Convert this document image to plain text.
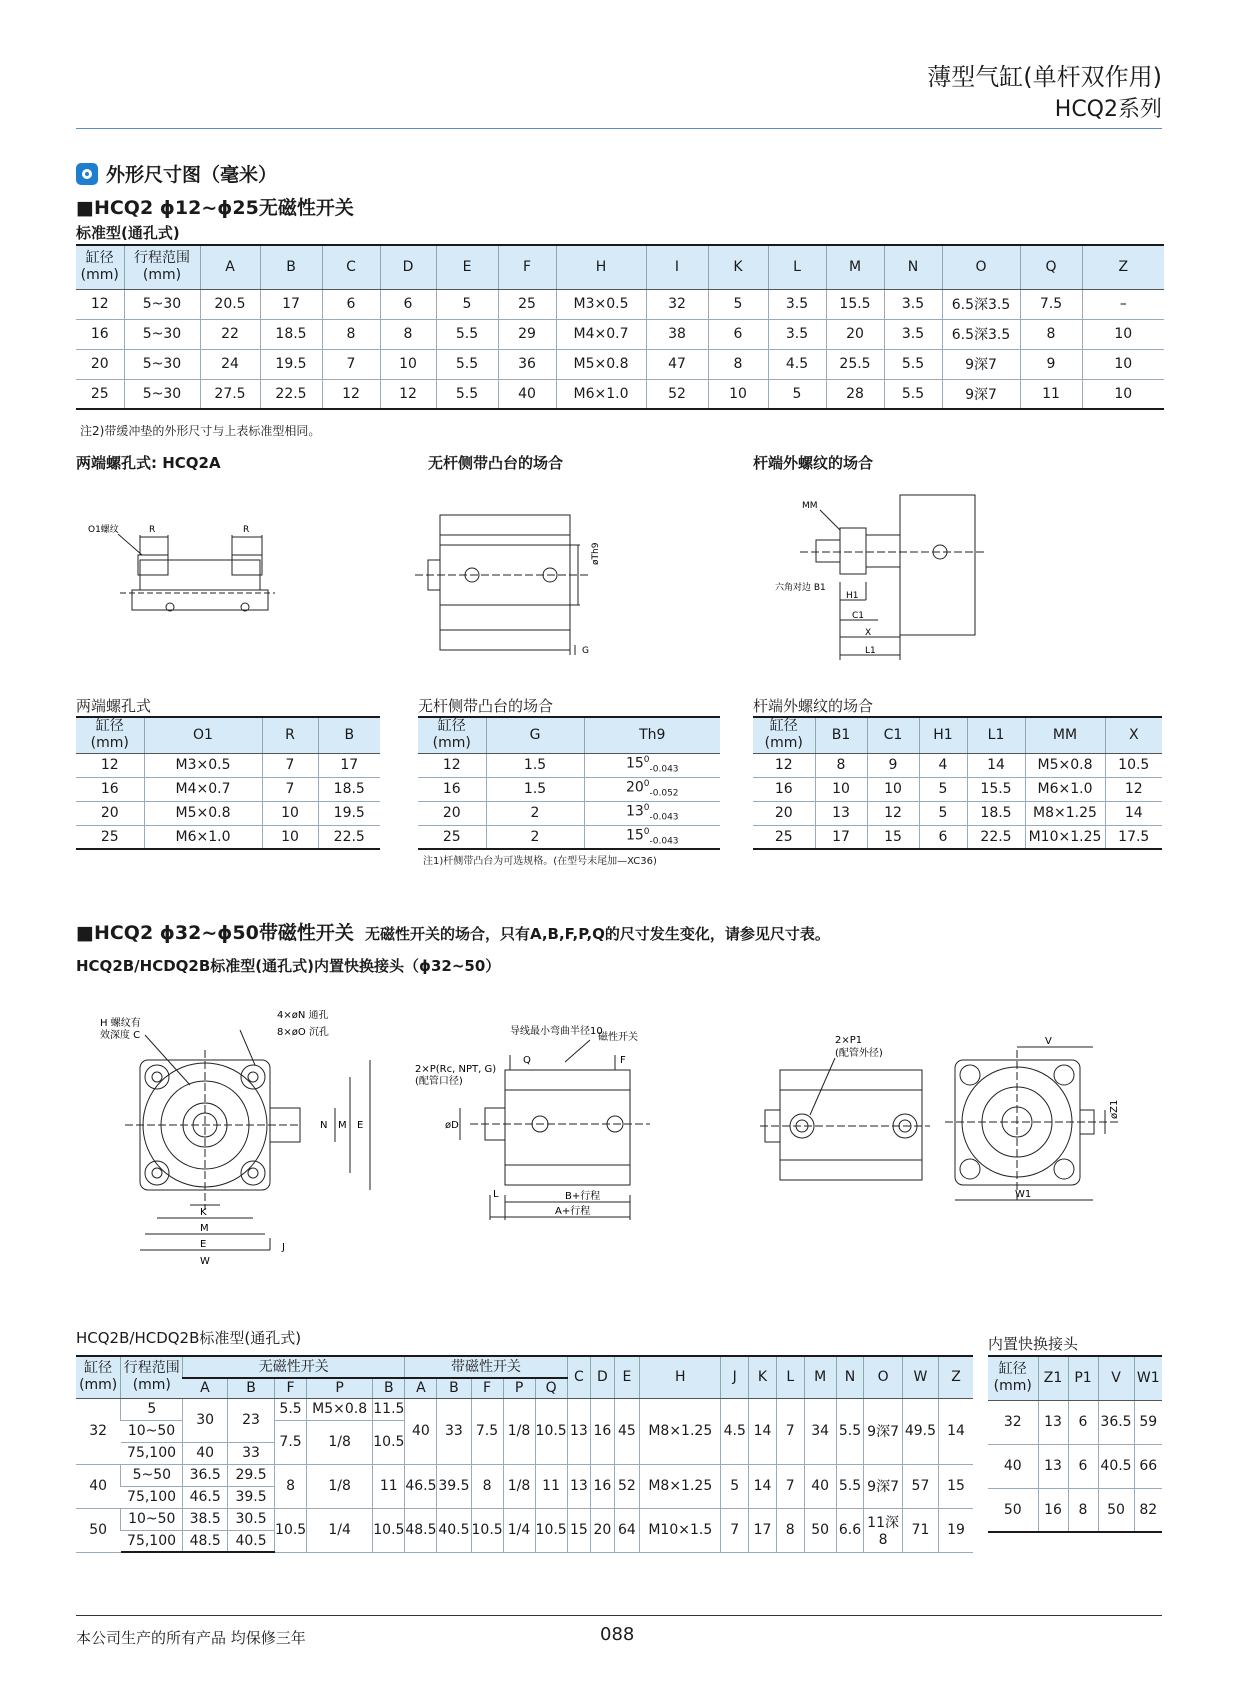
薄型气缸(单杆双作用)
HCQ2系列
外形尺寸图（毫米）
■HCQ2 ϕ12~ϕ25无磁性开关
标准型(通孔式)
缸径
(mm)	行程范围
(mm)	A	B	C	D	E	F	H	I	K	L	M	N	O	Q	Z
12	5~30	20.5	17	6	6	5	25	M3×0.5	32	5	3.5	15.5	3.5	6.5深3.5	7.5	–
16	5~30	22	18.5	8	8	5.5	29	M4×0.7	38	6	3.5	20	3.5	6.5深3.5	8	10
20	5~30	24	19.5	7	10	5.5	36	M5×0.8	47	8	4.5	25.5	5.5	9深7	9	10
25	5~30	27.5	22.5	12	12	5.5	40	M6×1.0	52	10	5	28	5.5	9深7	11	10
注2)带缓冲垫的外形尺寸与上表标准型相同。
两端螺孔式: HCQ2A	无杆侧带凸台的场合	杆端外螺纹的场合
O1螺纹	R	R
øTh9
G
MM
六角对边 B1
H1
C1
X
L1
两端螺孔式	无杆侧带凸台的场合	杆端外螺纹的场合
缸径
(mm)	O1	R	B
12	M3×0.5	7	17
16	M4×0.7	7	18.5
20	M5×0.8	10	19.5
25	M6×1.0	10	22.5
缸径
(mm)	G	Th9
12	1.5	$15^0_{-0.043}$
16	1.5	$20^0_{-0.052}$
20	2	$13^0_{-0.043}$
25	2	$15^0_{-0.043}$
缸径
(mm)	B1	C1	H1	L1	MM	X
12	8	9	4	14	M5×0.8	10.5
16	10	10	5	15.5	M6×1.0	12
20	13	12	5	18.5	M8×1.25	14
25	17	15	6	22.5	M10×1.25	17.5
注1)杆侧带凸台为可选规格。(在型号末尾加—XC36)
■HCQ2 ϕ32~ϕ50带磁性开关 无磁性开关的场合，只有A,B,F,P,Q的尺寸发生变化，请参见尺寸表。
HCQ2B/HCDQ2B标准型(通孔式)内置快换接头（ϕ32~50）
H 螺纹有
效深度 C
4×øN 通孔
8×øO 沉孔
N M E
K
M
E
W
J
导线最小弯曲半径10
磁性开关
Q	F
2×P(Rc, NPT, G)
(配管口径)
øD
L	B+行程
A+行程
2×P1
(配管外径)
V
øZ1
W1
HCQ2B/HCDQ2B标准型(通孔式)	内置快换接头
缸径
(mm)	行程范围
(mm)	无磁性开关					带磁性开关					C	D	E	H	J	K	L	M	N	O	W	Z
		A	B	F	P	B	A	B	F	P	Q												
32	5	30	23	5.5	M5×0.8	11.5	40	33	7.5	1/8	10.5	13	16	45	M8×1.25	4.5	14	7	34	5.5	9深7	49.5	14
	10~50			7.5	1/8	10.5																	
	75,100	40	33																				
40	5~50	36.5	29.5	8	1/8	11	46.5	39.5	8	1/8	11	13	16	52	M8×1.25	5	14	7	40	5.5	9深7	57	15
	75,100	46.5	39.5																				
50	10~50	38.5	30.5	10.5	1/4	10.5	48.5	40.5	10.5	1/4	10.5	15	20	64	M10×1.5	7	17	8	50	6.6	11深8	71	19
	75,100	48.5	40.5																				
缸径
(mm)	Z1	P1	V	W1
32	13	6	36.5	59
40	13	6	40.5	66
50	16	8	50	82
本公司生产的所有产品 均保修三年	088
